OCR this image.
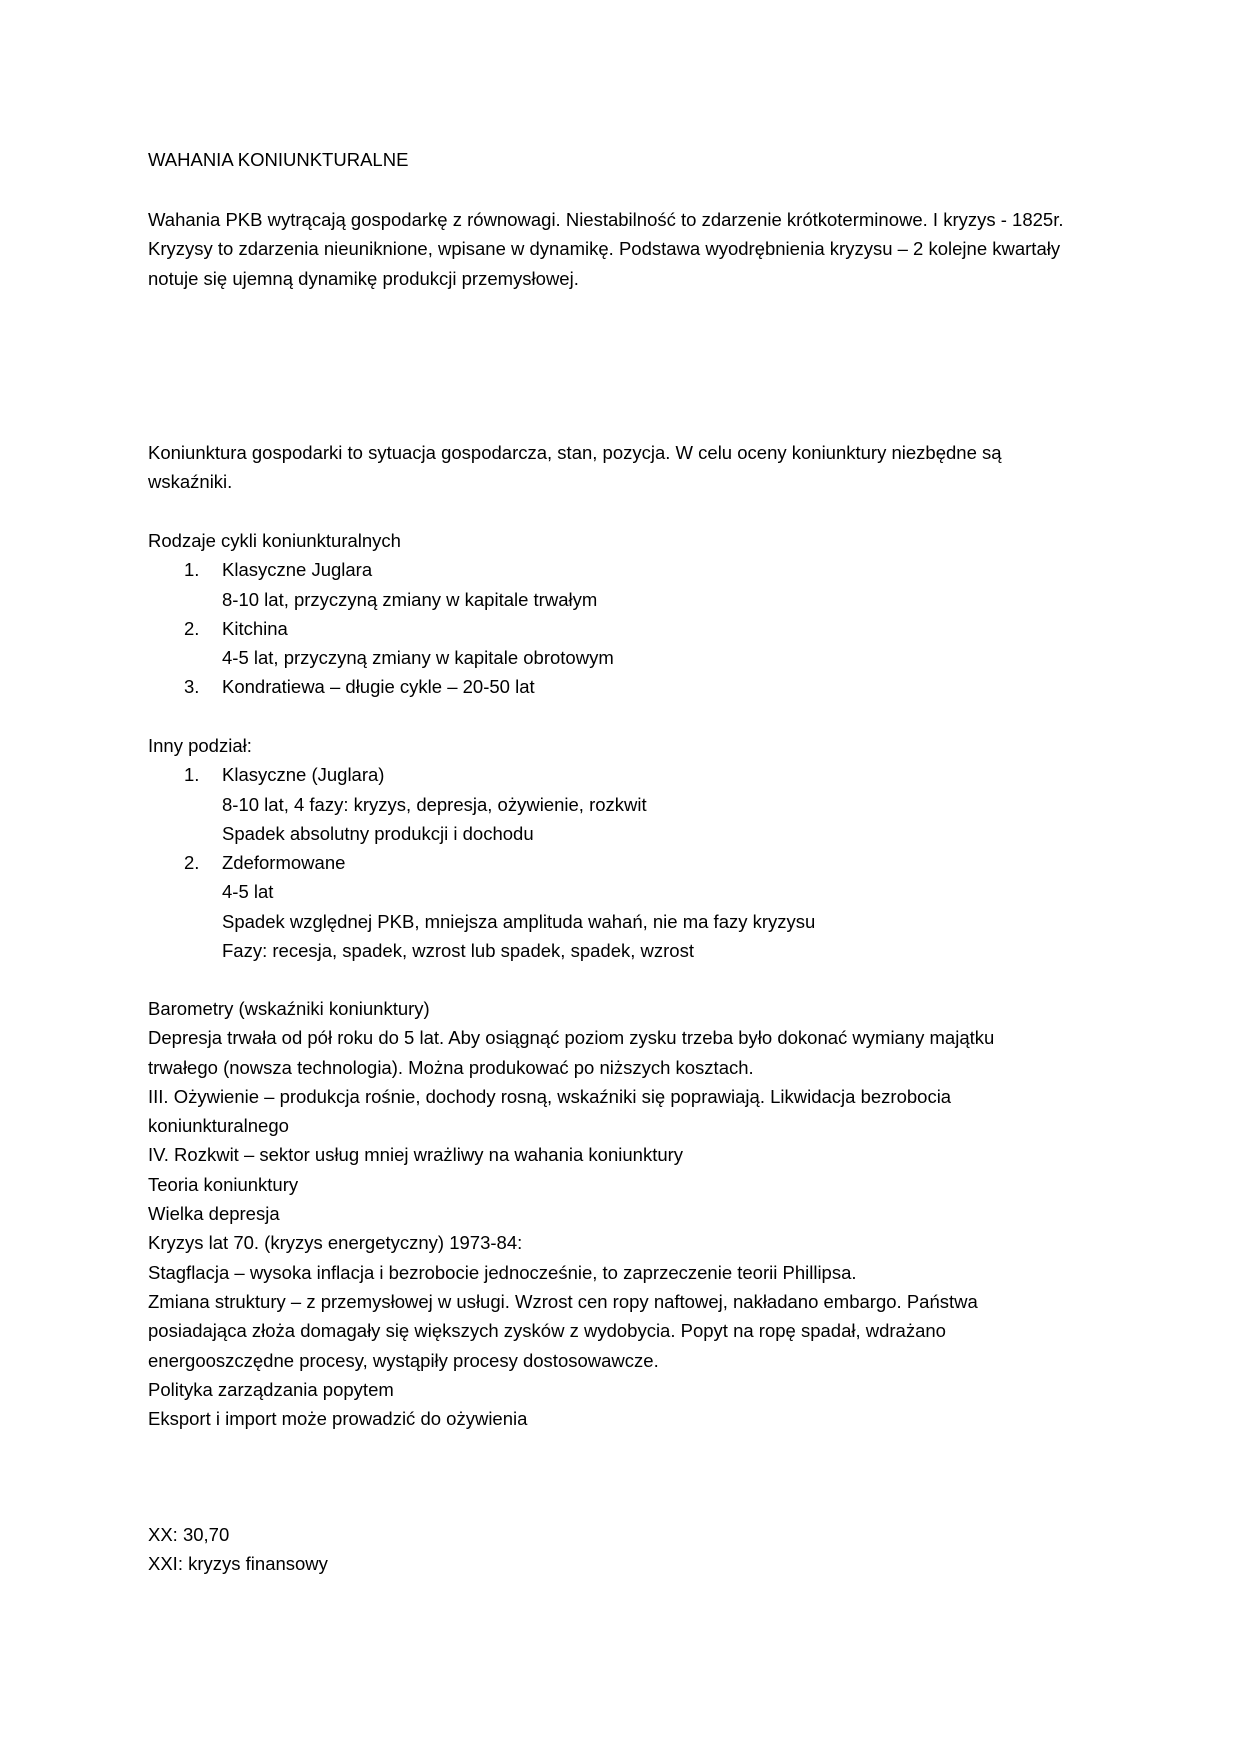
WAHANIA KONIUNKTURALNE
Wahania PKB wytrącają gospodarkę z równowagi. Niestabilność to zdarzenie krótkoterminowe. I kryzys - 1825r.
Kryzysy to zdarzenia nieuniknione, wpisane w dynamikę. Podstawa wyodrębnienia kryzysu – 2 kolejne kwartały
notuje się ujemną dynamikę produkcji przemysłowej.
Koniunktura gospodarki to sytuacja gospodarcza, stan, pozycja. W celu oceny koniunktury niezbędne są
wskaźniki.
Rodzaje cykli koniunkturalnych
1. Klasyczne Juglara
8-10 lat, przyczyną zmiany w kapitale trwałym
2. Kitchina
4-5 lat, przyczyną zmiany w kapitale obrotowym
3. Kondratiewa – długie cykle – 20-50 lat
Inny podział:
1. Klasyczne (Juglara)
8-10 lat, 4 fazy: kryzys, depresja, ożywienie, rozkwit
Spadek absolutny produkcji i dochodu
2. Zdeformowane
4-5 lat
Spadek względnej PKB, mniejsza amplituda wahań, nie ma fazy kryzysu
Fazy: recesja, spadek, wzrost lub spadek, spadek, wzrost
Barometry (wskaźniki koniunktury)
Depresja trwała od pół roku do 5 lat. Aby osiągnąć poziom zysku trzeba było dokonać wymiany majątku
trwałego (nowsza technologia). Można produkować po niższych kosztach.
III. Ożywienie – produkcja rośnie, dochody rosną, wskaźniki się poprawiają. Likwidacja bezrobocia
koniunkturalnego
IV. Rozkwit – sektor usług mniej wrażliwy na wahania koniunktury
Teoria koniunktury
Wielka depresja
Kryzys lat 70. (kryzys energetyczny) 1973-84:
Stagflacja – wysoka inflacja i bezrobocie jednocześnie, to zaprzeczenie teorii Phillipsa.
Zmiana struktury – z przemysłowej w usługi. Wzrost cen ropy naftowej, nakładano embargo. Państwa
posiadająca złoża domagały się większych zysków z wydobycia. Popyt na ropę spadał, wdrażano
energooszczędne procesy, wystąpiły procesy dostosowawcze.
Polityka zarządzania popytem
Eksport i import może prowadzić do ożywienia
XX: 30,70
XXI: kryzys finansowy
